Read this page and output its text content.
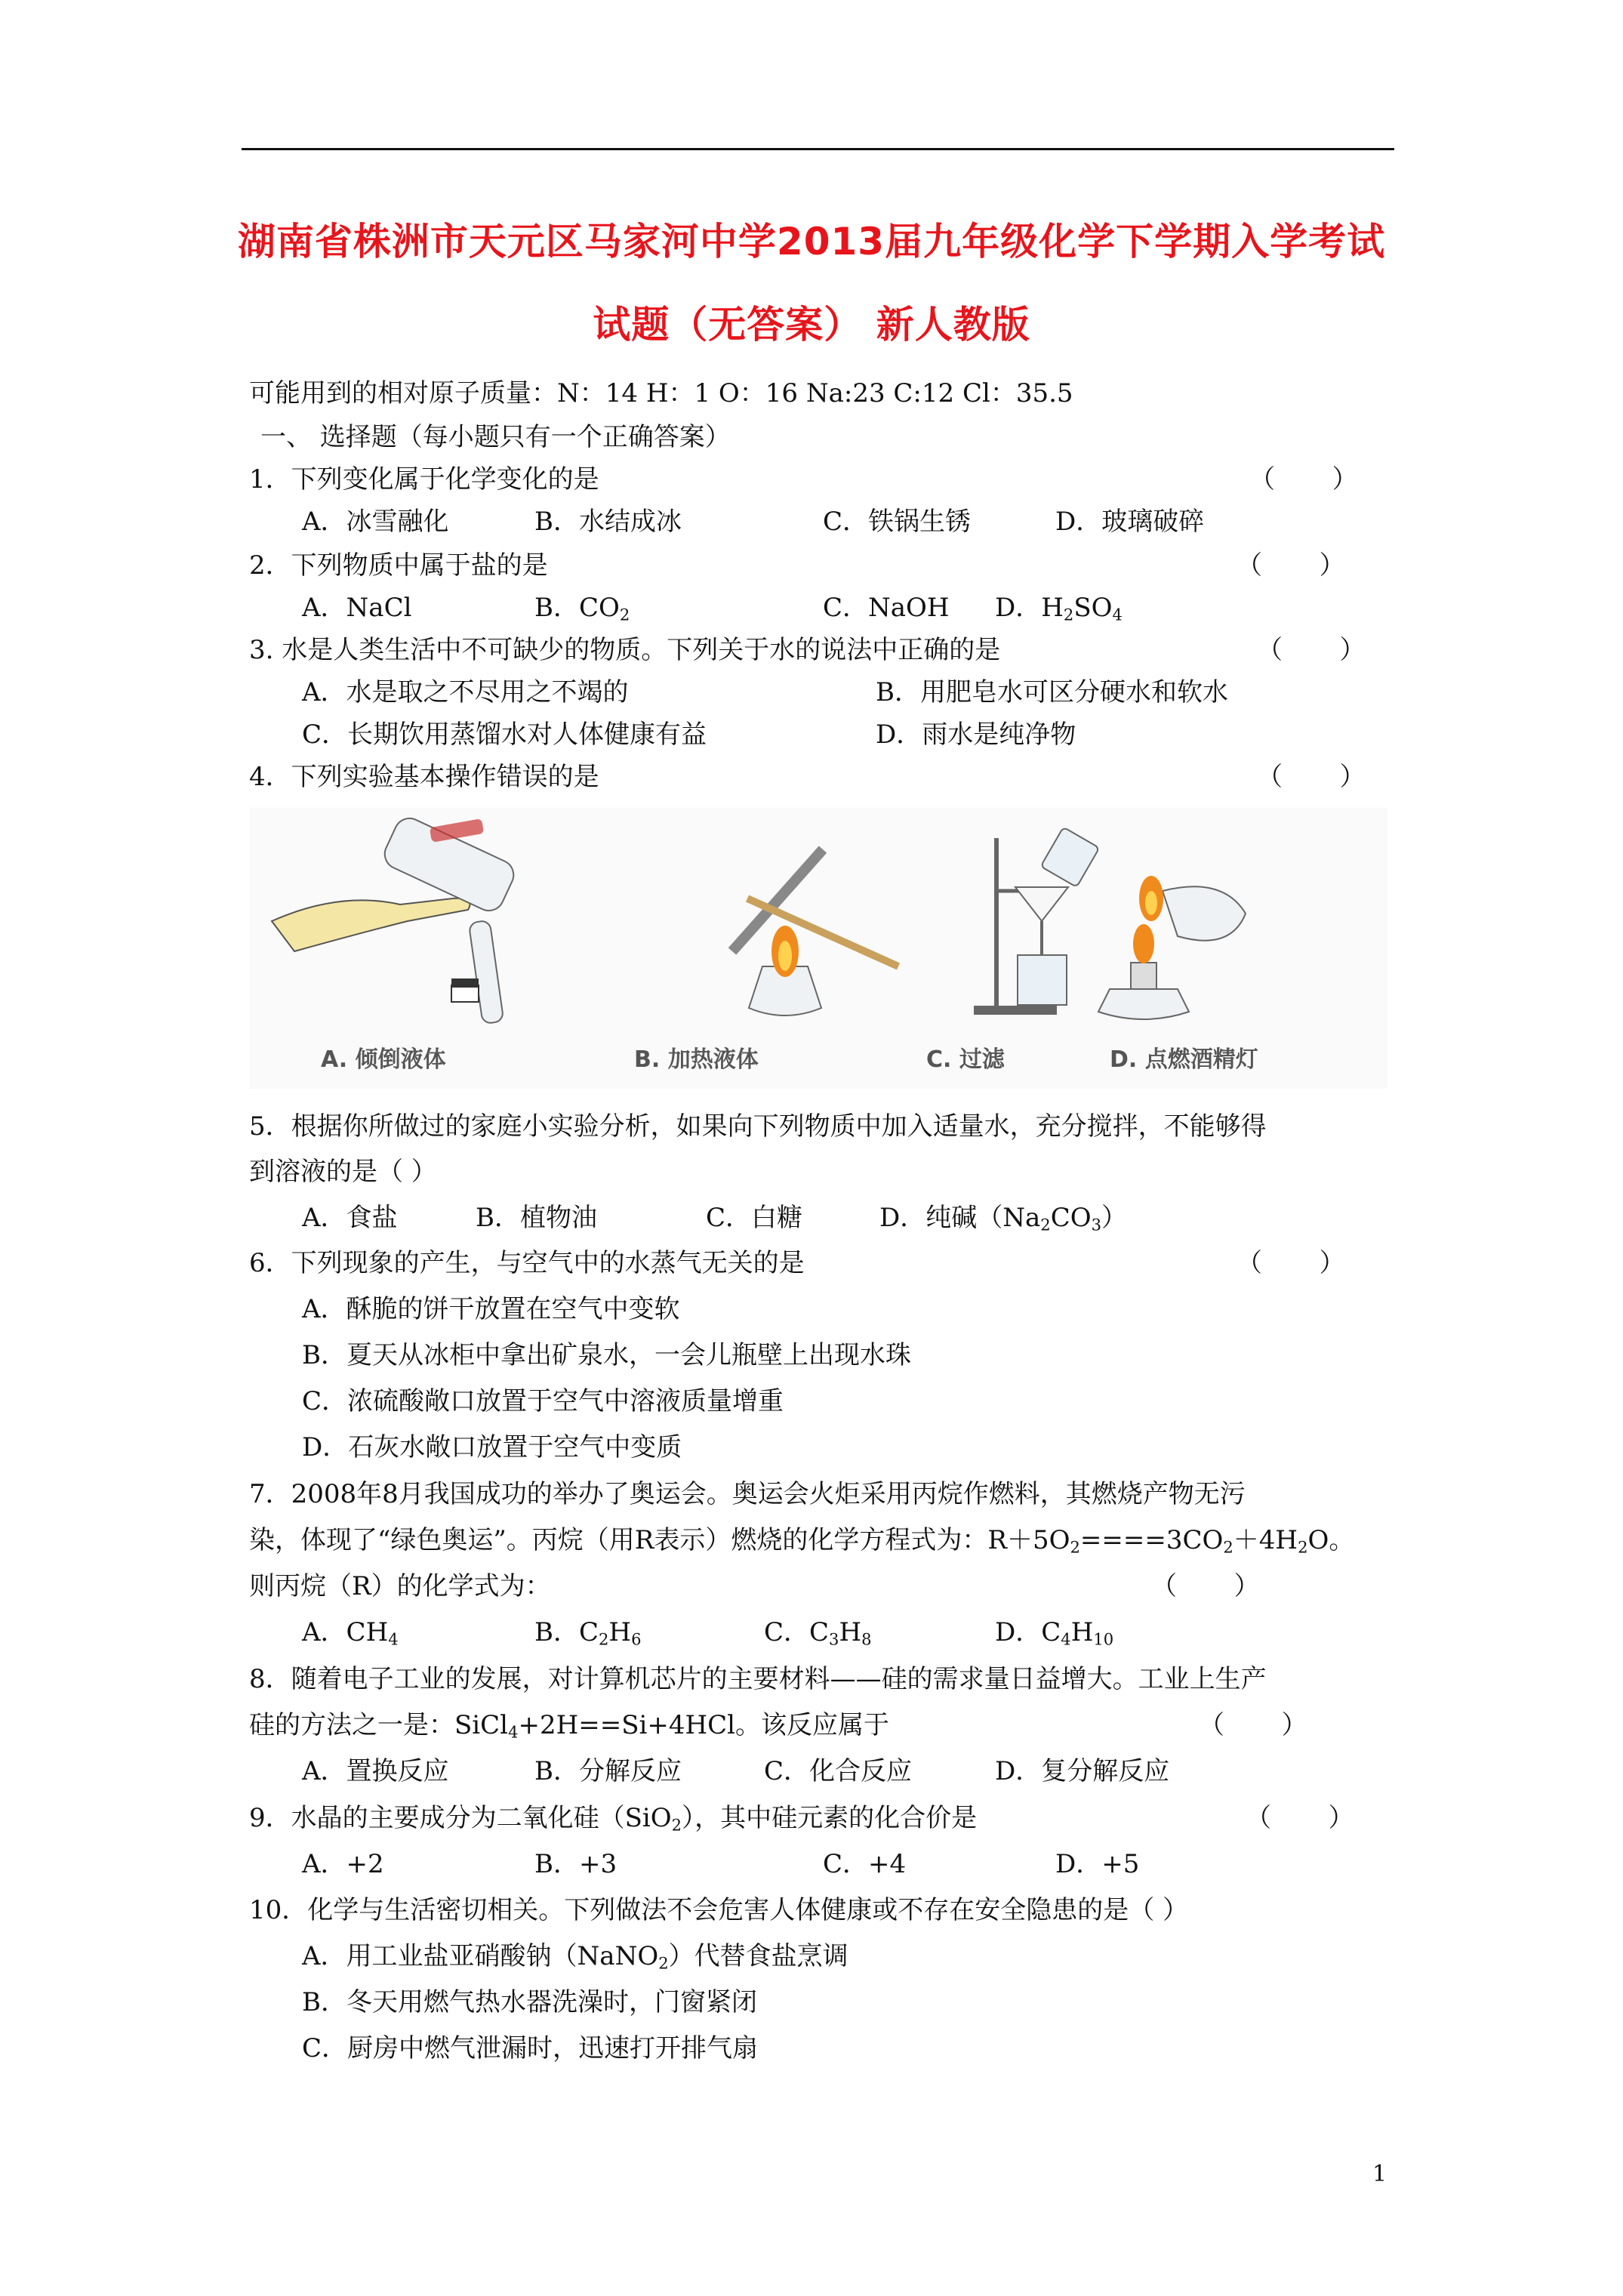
湖南省株洲市天元区马家河中学2013届九年级化学下学期入学考试
试题（无答案） 新人教版
可能用到的相对原子质量：N：14 H：1 O：16 Na:23 C:12 Cl：35.5
一、 选择题（每小题只有一个正确答案）
1．下列变化属于化学变化的是	（       ）
A．冰雪融化	B．水结成冰	C．铁锅生锈	D．玻璃破碎
2．下列物质中属于盐的是	（       ）
A．NaCl	B．$CO_2$	C．NaOH D．$H_2SO_4$
3. 水是人类生活中不可缺少的物质。下列关于水的说法中正确的是	（       ）
A．水是取之不尽用之不竭的	B．用肥皂水可区分硬水和软水
C．长期饮用蒸馏水对人体健康有益	D．雨水是纯净物
4．下列实验基本操作错误的是	（       ）
A. 倾倒液体	B. 加热液体	C. 过滤	D. 点燃酒精灯
5．根据你所做过的家庭小实验分析，如果向下列物质中加入适量水，充分搅拌，不能够得
到溶液的是（ ）
A．食盐	B．植物油	C．白糖	D．纯碱$(Na_2CO_3)$
6．下列现象的产生，与空气中的水蒸气无关的是	（       ）
A．酥脆的饼干放置在空气中变软
B．夏天从冰柜中拿出矿泉水，一会儿瓶壁上出现水珠
C．浓硫酸敞口放置于空气中溶液质量增重
D．石灰水敞口放置于空气中变质
7．2008年8月我国成功的举办了奥运会。奥运会火炬采用丙烷作燃料，其燃烧产物无污
染，体现了“绿色奥运”。丙烷（用R表示）燃烧的化学方程式为：$R+5O_2====3CO_2+4H_2O$。
则丙烷（R）的化学式为：	（       ）
A．$CH_4$	B．$C_2H_6$	C．$C_3H_8$	D．$C_4H_{10}$
8．随着电子工业的发展，对计算机芯片的主要材料——硅的需求量日益增大。工业上生产
硅的方法之一是：SiCl$_4$+2H==Si+4HCl。该反应属于	（       ）
A．置换反应	B．分解反应	C．化合反应	D．复分解反应
9．水晶的主要成分为二氧化硅（SiO$_2$），其中硅元素的化合价是	（       ）
A．+2	B．+3	C．+4	D．+5
10．化学与生活密切相关。下列做法不会危害人体健康或不存在安全隐患的是（ ）
A．用工业盐亚硝酸钠（NaNO$_2$）代替食盐烹调
B．冬天用燃气热水器洗澡时，门窗紧闭
C．厨房中燃气泄漏时，迅速打开排气扇
1
